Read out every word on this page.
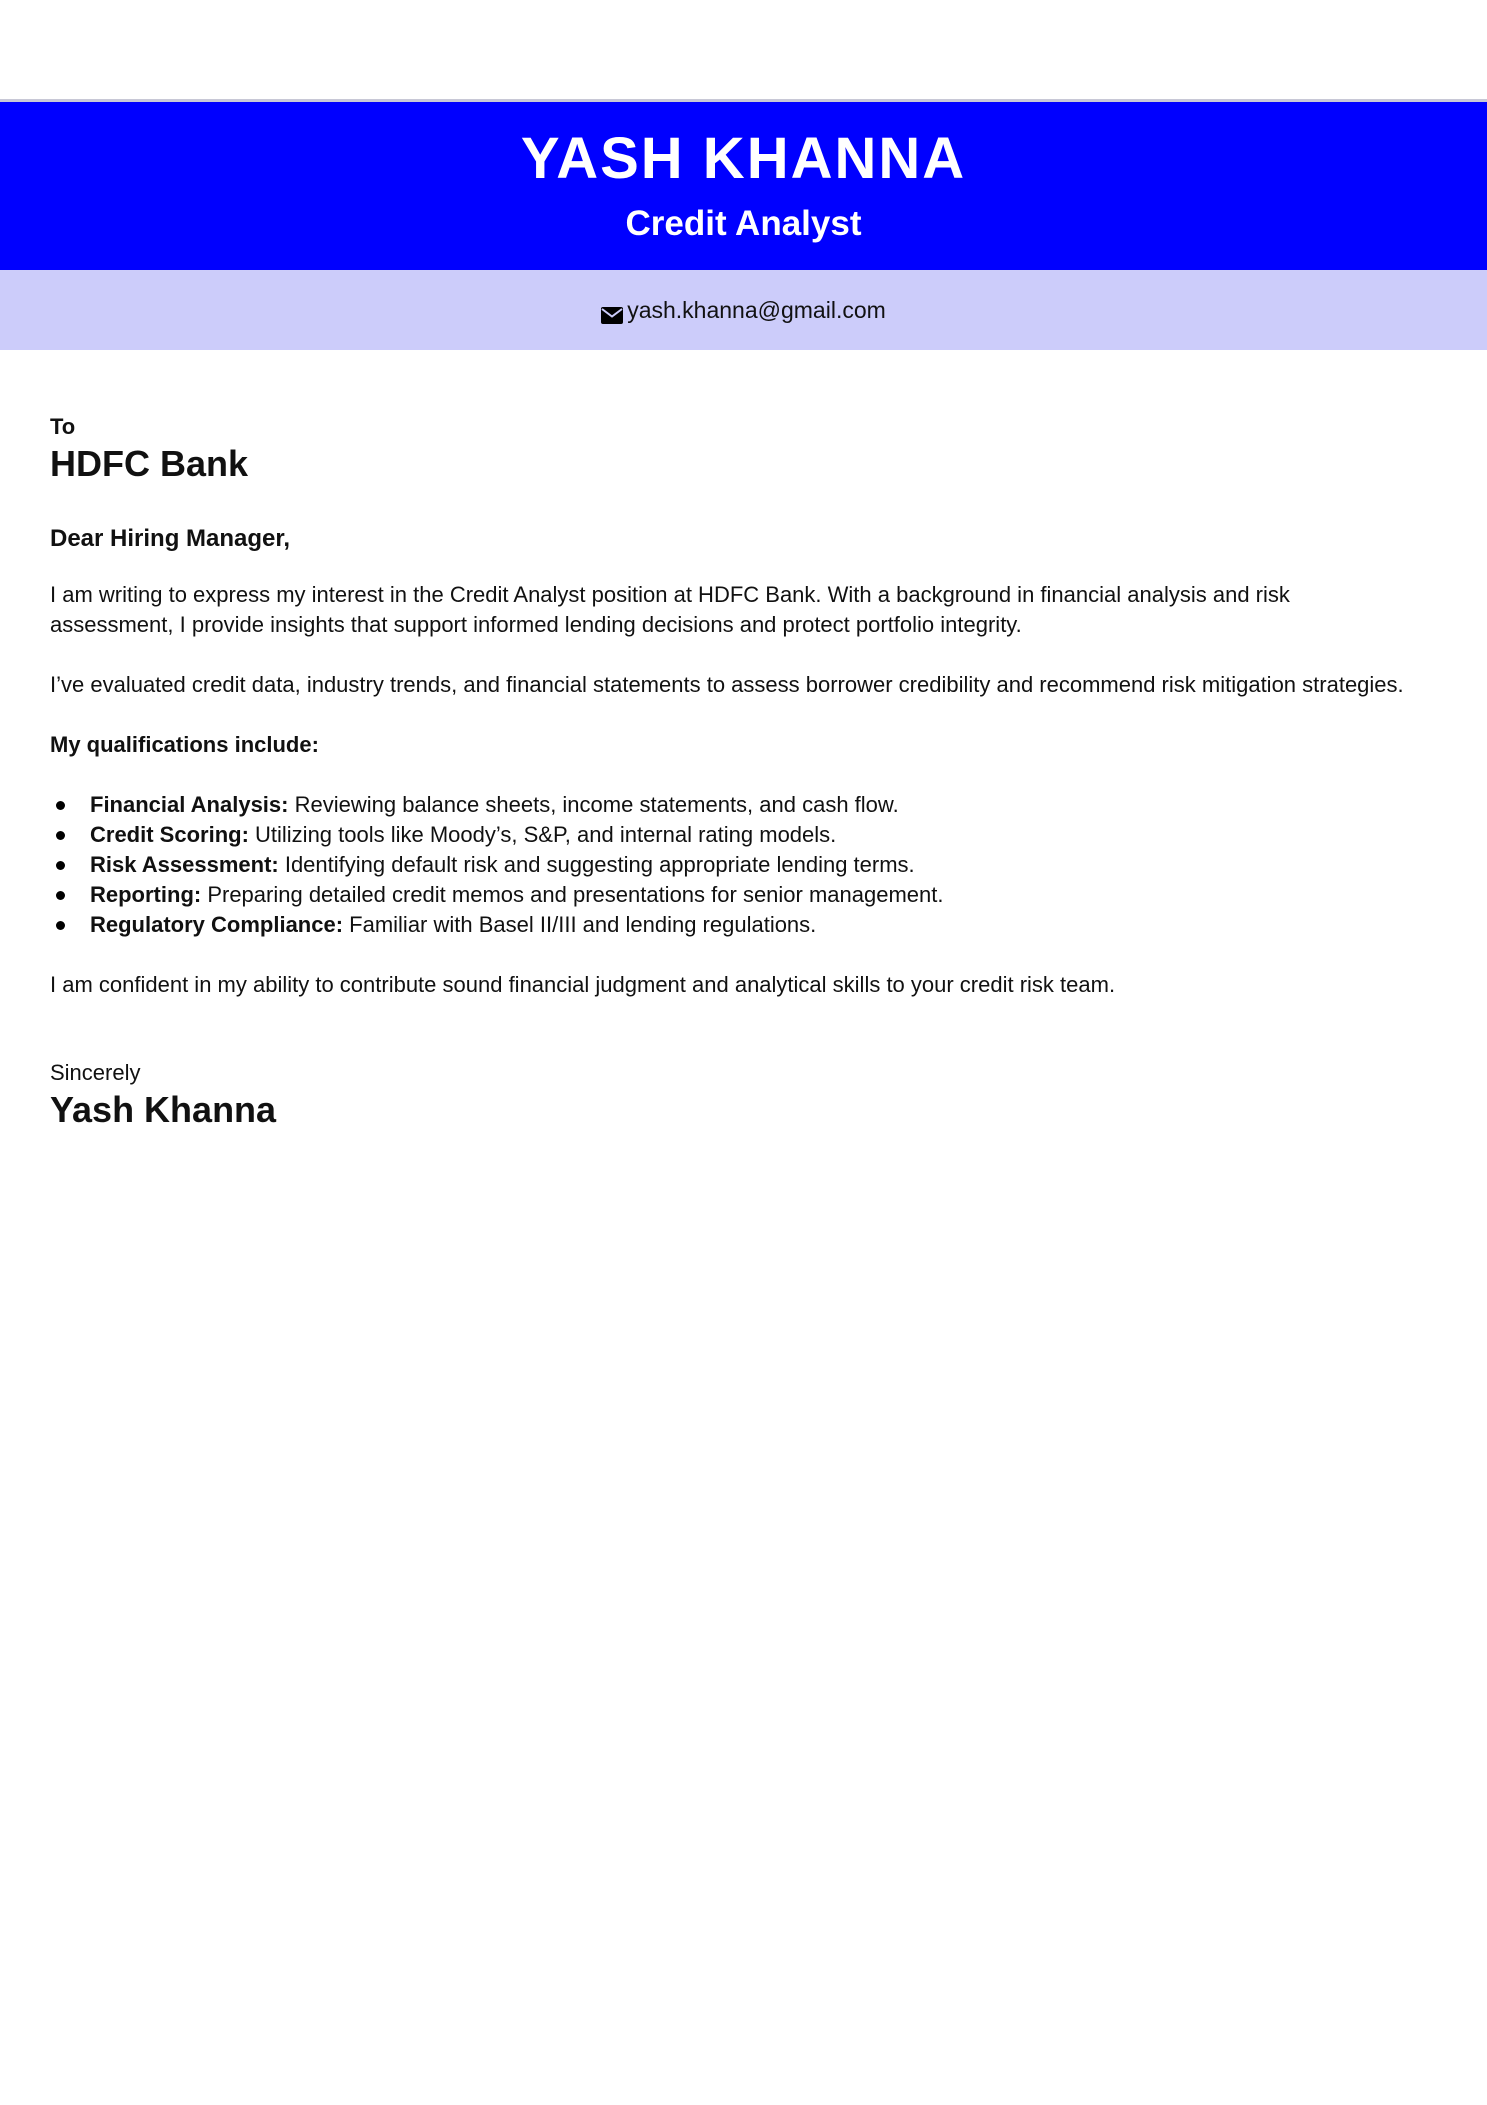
YASH KHANNA
Credit Analyst
yash.khanna@gmail.com
To
HDFC Bank
Dear Hiring Manager,

I am writing to express my interest in the Credit Analyst position at HDFC Bank. With a background in financial analysis and risk assessment, I provide insights that support informed lending decisions and protect portfolio integrity.

I’ve evaluated credit data, industry trends, and financial statements to assess borrower credibility and recommend risk mitigation strategies.

My qualifications include:

Financial Analysis: Reviewing balance sheets, income statements, and cash flow.
Credit Scoring: Utilizing tools like Moody’s, S&P, and internal rating models.
Risk Assessment: Identifying default risk and suggesting appropriate lending terms.
Reporting: Preparing detailed credit memos and presentations for senior management.
Regulatory Compliance: Familiar with Basel II/III and lending regulations.

I am confident in my ability to contribute sound financial judgment and analytical skills to your credit risk team.

Sincerely
Yash Khanna
